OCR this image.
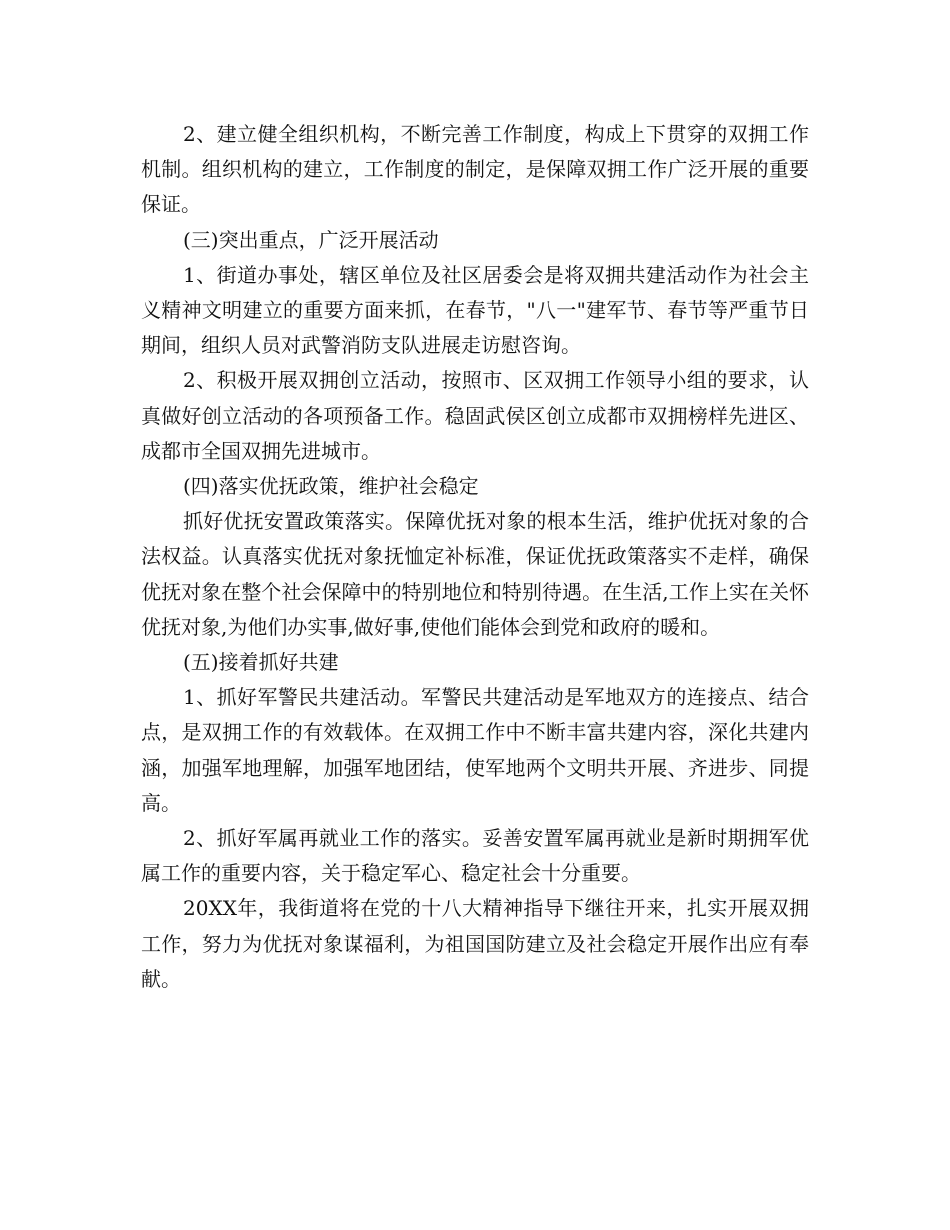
2、建立健全组织机构，不断完善工作制度，构成上下贯穿的双拥工作机制。组织机构的建立，工作制度的制定，是保障双拥工作广泛开展的重要保证。

(三)突出重点，广泛开展活动

1、街道办事处，辖区单位及社区居委会是将双拥共建活动作为社会主义精神文明建立的重要方面来抓，在春节，"八一"建军节、春节等严重节日期间，组织人员对武警消防支队进展走访慰咨询。

2、积极开展双拥创立活动，按照市、区双拥工作领导小组的要求，认真做好创立活动的各项预备工作。稳固武侯区创立成都市双拥榜样先进区、成都市全国双拥先进城市。

(四)落实优抚政策，维护社会稳定

抓好优抚安置政策落实。保障优抚对象的根本生活，维护优抚对象的合法权益。认真落实优抚对象抚恤定补标准，保证优抚政策落实不走样，确保优抚对象在整个社会保障中的特别地位和特别待遇。在生活,工作上实在关怀优抚对象,为他们办实事,做好事,使他们能体会到党和政府的暖和。

(五)接着抓好共建

1、抓好军警民共建活动。军警民共建活动是军地双方的连接点、结合点，是双拥工作的有效载体。在双拥工作中不断丰富共建内容，深化共建内涵，加强军地理解，加强军地团结，使军地两个文明共开展、齐进步、同提高。

2、抓好军属再就业工作的落实。妥善安置军属再就业是新时期拥军优属工作的重要内容，关于稳定军心、稳定社会十分重要。

20XX年，我街道将在党的十八大精神指导下继往开来，扎实开展双拥工作，努力为优抚对象谋福利，为祖国国防建立及社会稳定开展作出应有奉献。
